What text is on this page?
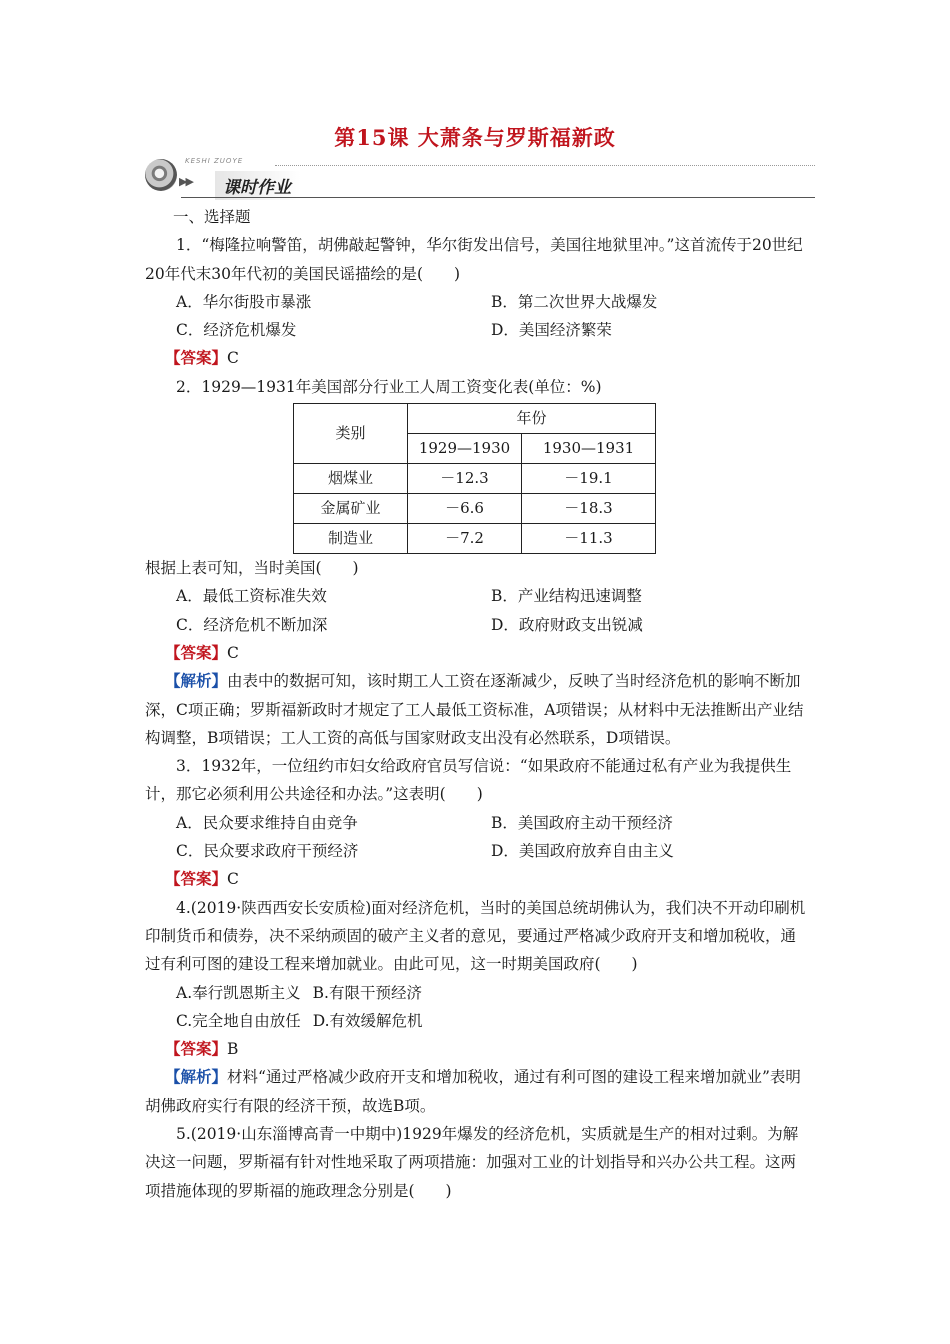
第15课 大萧条与罗斯福新政
KESHI ZUOYE
▶▶	课时作业

一、选择题

1．“梅隆拉响警笛，胡佛敲起警钟，华尔街发出信号，美国往地狱里冲。”这首流传于20世纪20年代末30年代初的美国民谣描绘的是(　　)

A．华尔街股市暴涨	B．第二次世界大战爆发
C．经济危机爆发	D．美国经济繁荣

【答案】C

2．1929—1931年美国部分行业工人周工资变化表(单位：%)

类别	年份	
	1929—1930	1930—1931
烟煤业	－12.3	－19.1
金属矿业	－6.6	－18.3
制造业	－7.2	－11.3

根据上表可知，当时美国(　　)

A．最低工资标准失效	B．产业结构迅速调整
C．经济危机不断加深	D．政府财政支出锐减

【答案】C

【解析】由表中的数据可知，该时期工人工资在逐渐减少，反映了当时经济危机的影响不断加深，C项正确；罗斯福新政时才规定了工人最低工资标准，A项错误；从材料中无法推断出产业结构调整，B项错误；工人工资的高低与国家财政支出没有必然联系，D项错误。

3．1932年，一位纽约市妇女给政府官员写信说：“如果政府不能通过私有产业为我提供生计，那它必须利用公共途径和办法。”这表明(　　)

A．民众要求维持自由竞争	B．美国政府主动干预经济
C．民众要求政府干预经济	D．美国政府放弃自由主义

【答案】C

4.(2019·陕西西安长安质检)面对经济危机，当时的美国总统胡佛认为，我们决不开动印刷机印制货币和债券，决不采纳顽固的破产主义者的意见，要通过严格减少政府开支和增加税收，通过有利可图的建设工程来增加就业。由此可见，这一时期美国政府(　　)

A.奉行凯恩斯主义 B.有限干预经济
C.完全地自由放任 D.有效缓解危机

【答案】B

【解析】材料“通过严格减少政府开支和增加税收，通过有利可图的建设工程来增加就业”表明胡佛政府实行有限的经济干预，故选B项。

5.(2019·山东淄博高青一中期中)1929年爆发的经济危机，实质就是生产的相对过剩。为解决这一问题，罗斯福有针对性地采取了两项措施：加强对工业的计划指导和兴办公共工程。这两项措施体现的罗斯福的施政理念分别是(　　)
